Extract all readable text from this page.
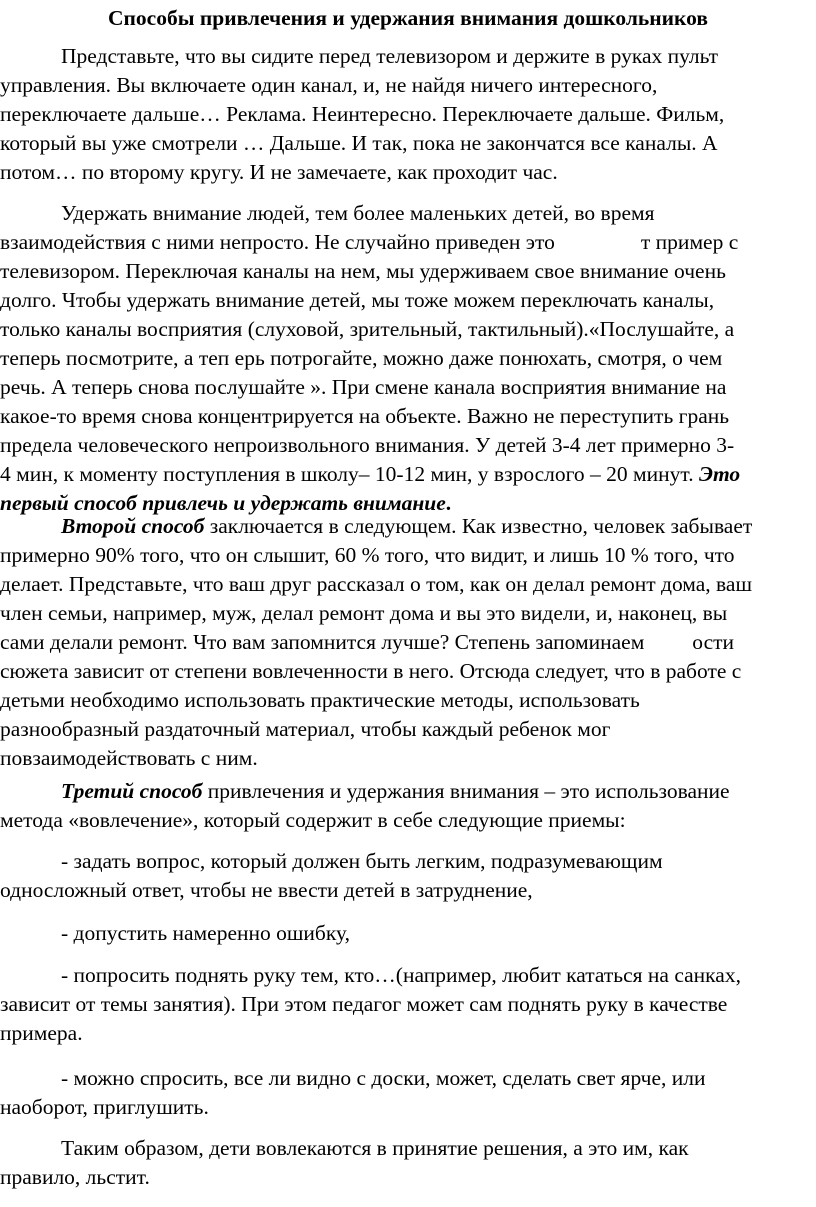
Способы привлечения и удержания внимания дошкольников
Представьте, что вы сидите перед телевизором и держите в руках пульт
управления. Вы включаете один канал, и, не найдя ничего интересного,
переключаете дальше… Реклама. Неинтересно. Переключаете дальше. Фильм,
который вы уже смотрели … Дальше. И так, пока не закончатся все каналы. А
потом… по второму кругу. И не замечаете, как проходит час.
Удержать внимание людей, тем более маленьких детей, во время
взаимодействия с ними непросто. Не случайно приведен это	т пример с
телевизором. Переключая каналы на нем, мы удерживаем свое внимание очень
долго. Чтобы удержать внимание детей, мы тоже можем переключать каналы,
только каналы восприятия (слуховой, зрительный, тактильный).«Послушайте, а
теперь посмотрите, а теп ерь потрогайте, можно даже понюхать, смотря, о чем
речь. А теперь снова послушайте ». При смене канала восприятия внимание на
какое-то время снова концентрируется на объекте. Важно не переступить грань
предела человеческого непроизвольного внимания. У детей 3-4 лет примерно 3-
4 мин, к моменту поступления в школу– 10-12 мин, у взрослого – 20 минут. Это
первый способ привлечь и удержать внимание.
Второй способ заключается в следующем. Как известно, человек забывает
примерно 90% того, что он слышит, 60 % того, что видит, и лишь 10 % того, что
делает. Представьте, что ваш друг рассказал о том, как он делал ремонт дома, ваш
член семьи, например, муж, делал ремонт дома и вы это видели, и, наконец, вы
сами делали ремонт. Что вам запомнится лучше? Степень запоминаем ости
сюжета зависит от степени вовлеченности в него. Отсюда следует, что в работе с
детьми необходимо использовать практические методы, использовать
разнообразный раздаточный материал, чтобы каждый ребенок мог
повзаимодействовать с ним.
Третий способ привлечения и удержания внимания – это использование
метода «вовлечение», который содержит в себе следующие приемы:
- задать вопрос, который должен быть легким, подразумевающим
односложный ответ, чтобы не ввести детей в затруднение,
- допустить намеренно ошибку,
- попросить поднять руку тем, кто…(например, любит кататься на санках,
зависит от темы занятия). При этом педагог может сам поднять руку в качестве
примера.
- можно спросить, все ли видно с доски, может, сделать свет ярче, или
наоборот, приглушить.
Таким образом, дети вовлекаются в принятие решения, а это им, как
правило, льстит.
